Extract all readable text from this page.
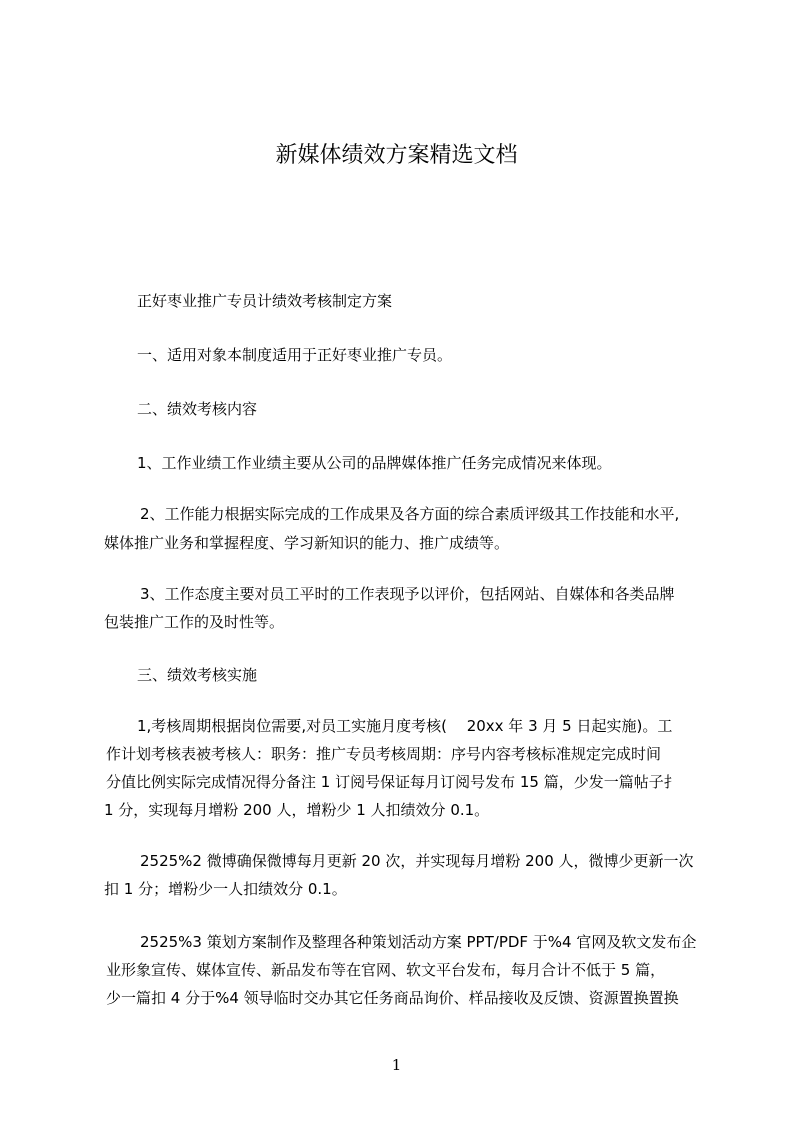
新媒体绩效方案精选文档
正好枣业推广专员计绩效考核制定方案
一、适用对象本制度适用于正好枣业推广专员。
二、绩效考核内容
1、工作业绩工作业绩主要从公司的品牌媒体推广任务完成情况来体现。
2、工作能力根据实际完成的工作成果及各方面的综合素质评级其工作技能和水平,
媒体推广业务和掌握程度、学习新知识的能力、推广成绩等。
3、工作态度主要对员工平时的工作表现予以评价，包括网站、自媒体和各类品牌
包装推广工作的及时性等。
三、绩效考核实施
1,考核周期根据岗位需要,对员工实施月度考核(　 20xx 年 3 月 5 日起实施)。工
作计划考核表被考核人：职务：推广专员考核周期：序号内容考核标准规定完成时间
分值比例实际完成情况得分备注 1 订阅号保证每月订阅号发布 15 篇，少发一篇帖子扌
1 分，实现每月增粉 200 人，增粉少 1 人扣绩效分 0.1。
2525%2 微博确保微博每月更新 20 次，并实现每月增粉 200 人，微博少更新一次
扣 1 分；增粉少一人扣绩效分 0.1。
2525%3 策划方案制作及整理各种策划活动方案 PPT/PDF 于%4 官网及软文发布企
业形象宣传、媒体宣传、新品发布等在官网、软文平台发布，每月合计不低于 5 篇，
少一篇扣 4 分于%4 领导临时交办其它任务商品询价、样品接收及反馈、资源置换置换
1
